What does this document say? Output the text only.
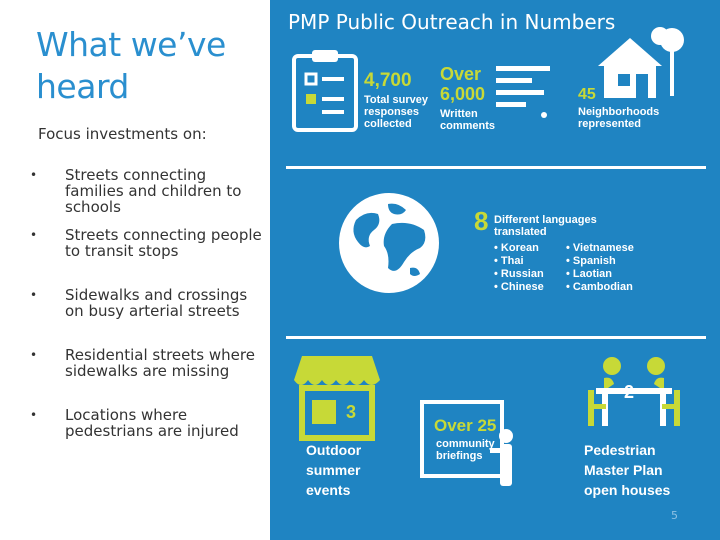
What we’ve
heard
Focus investments on:
• Streets connecting families and children to schools
• Streets connecting people to transit stops
• Sidewalks and crossings on busy arterial streets
• Residential streets where sidewalks are missing
• Locations where pedestrians are injured
PMP Public Outreach in Numbers
4,700
Total survey
responses
collected
Over
6,000
Written
comments
45
Neighborhoods
represented
8 Different languages
translated
• Korean
• Thai
• Russian
• Chinese
• Vietnamese
• Spanish
• Laotian
• Cambodian
3
Outdoor
summer
events
Over 25
community
briefings
2
Pedestrian
Master Plan
open houses
5
